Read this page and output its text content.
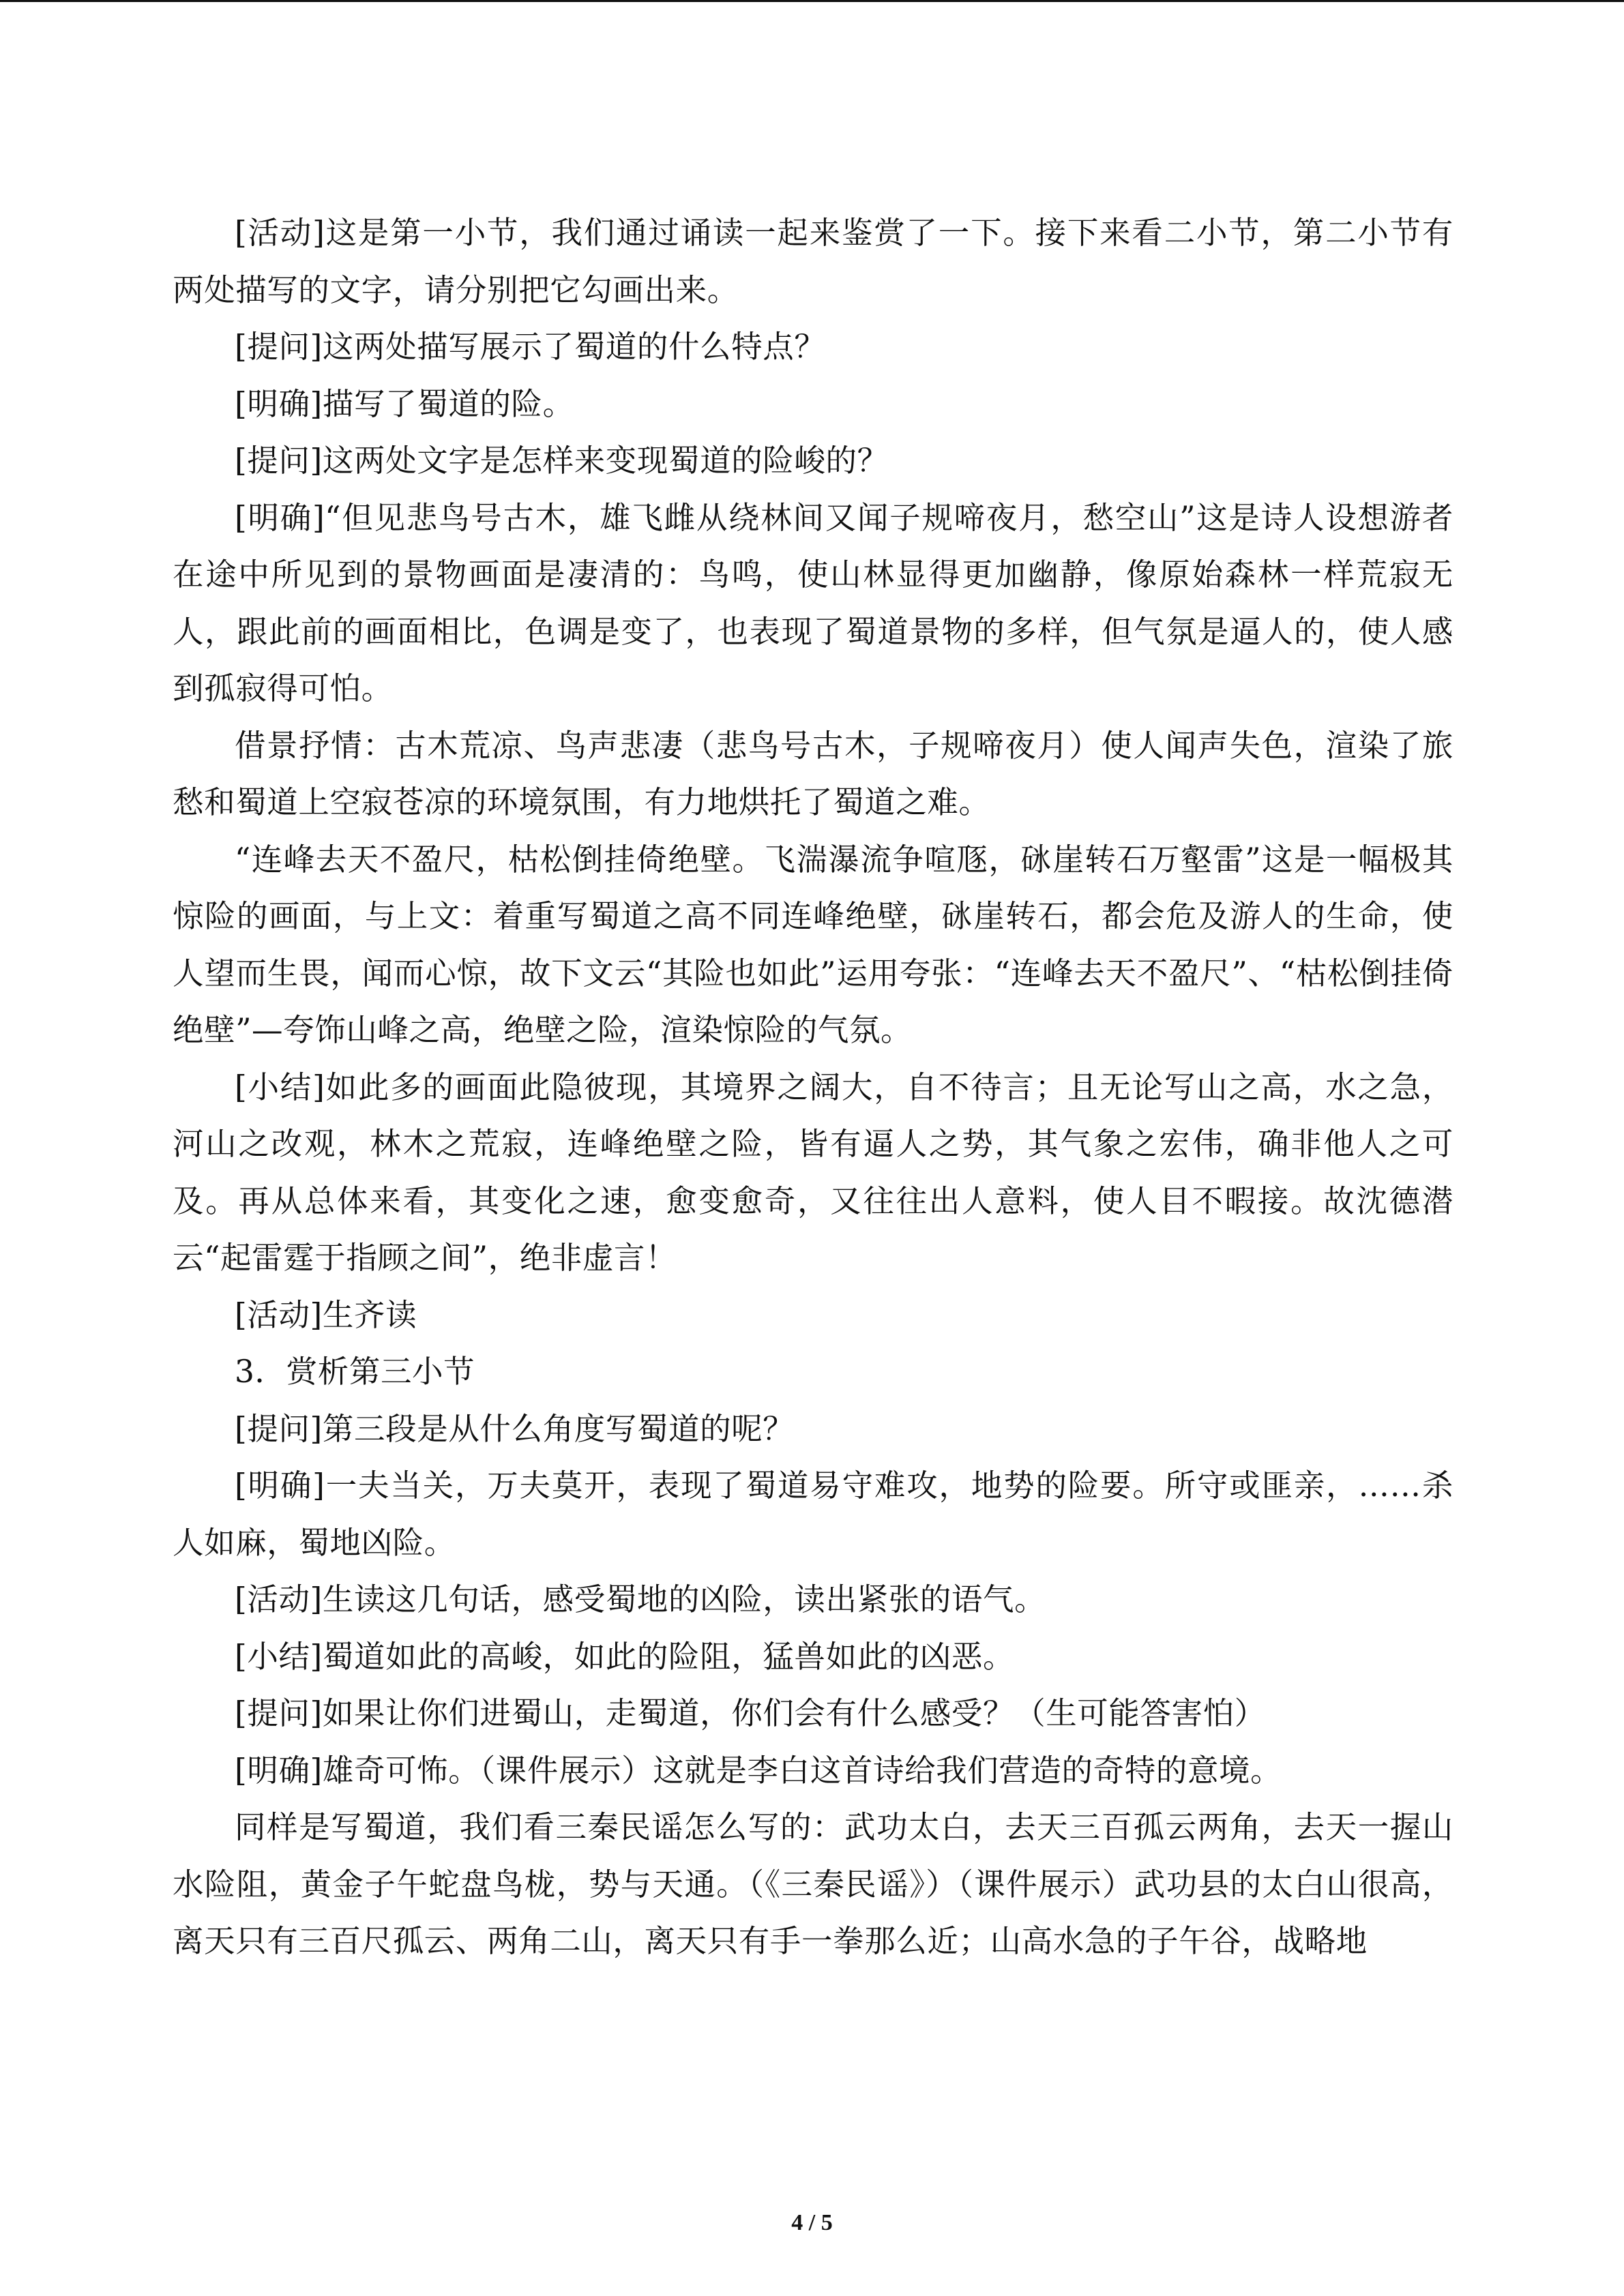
[活动]这是第一小节，我们通过诵读一起来鉴赏了一下。接下来看二小节，第二小节有两处描写的文字，请分别把它勾画出来。

[提问]这两处描写展示了蜀道的什么特点？

[明确]描写了蜀道的险。

[提问]这两处文字是怎样来变现蜀道的险峻的？

[明确]“但见悲鸟号古木，雄飞雌从绕林间又闻子规啼夜月，愁空山”这是诗人设想游者在途中所见到的景物画面是凄清的：鸟鸣，使山林显得更加幽静，像原始森林一样荒寂无人，跟此前的画面相比，色调是变了，也表现了蜀道景物的多样，但气氛是逼人的，使人感到孤寂得可怕。

借景抒情：古木荒凉、鸟声悲凄（悲鸟号古木，子规啼夜月）使人闻声失色，渲染了旅愁和蜀道上空寂苍凉的环境氛围，有力地烘托了蜀道之难。

“连峰去天不盈尺，枯松倒挂倚绝壁。飞湍瀑流争喧豗，砯崖转石万壑雷”这是一幅极其惊险的画面，与上文：着重写蜀道之高不同连峰绝壁，砯崖转石，都会危及游人的生命，使人望而生畏，闻而心惊，故下文云“其险也如此”运用夸张：“连峰去天不盈尺”、“枯松倒挂倚绝壁”—夸饰山峰之高，绝壁之险，渲染惊险的气氛。

[小结]如此多的画面此隐彼现，其境界之阔大，自不待言；且无论写山之高，水之急，河山之改观，林木之荒寂，连峰绝壁之险，皆有逼人之势，其气象之宏伟，确非他人之可及。再从总体来看，其变化之速，愈变愈奇，又往往出人意料，使人目不暇接。故沈德潜云“起雷霆于指顾之间”，绝非虚言！

[活动]生齐读

3．赏析第三小节

[提问]第三段是从什么角度写蜀道的呢？

[明确]一夫当关，万夫莫开，表现了蜀道易守难攻，地势的险要。所守或匪亲，……杀人如麻，蜀地凶险。

[活动]生读这几句话，感受蜀地的凶险，读出紧张的语气。

[小结]蜀道如此的高峻，如此的险阻，猛兽如此的凶恶。

[提问]如果让你们进蜀山，走蜀道，你们会有什么感受？（生可能答害怕）

[明确]雄奇可怖。（课件展示）这就是李白这首诗给我们营造的奇特的意境。

同样是写蜀道，我们看三秦民谣怎么写的：武功太白，去天三百孤云两角，去天一握山水险阻，黄金子午蛇盘鸟栊，势与天通。（《三秦民谣》）（课件展示）武功县的太白山很高，离天只有三百尺孤云、两角二山，离天只有手一拳那么近；山高水急的子午谷，战略地

4 / 5
